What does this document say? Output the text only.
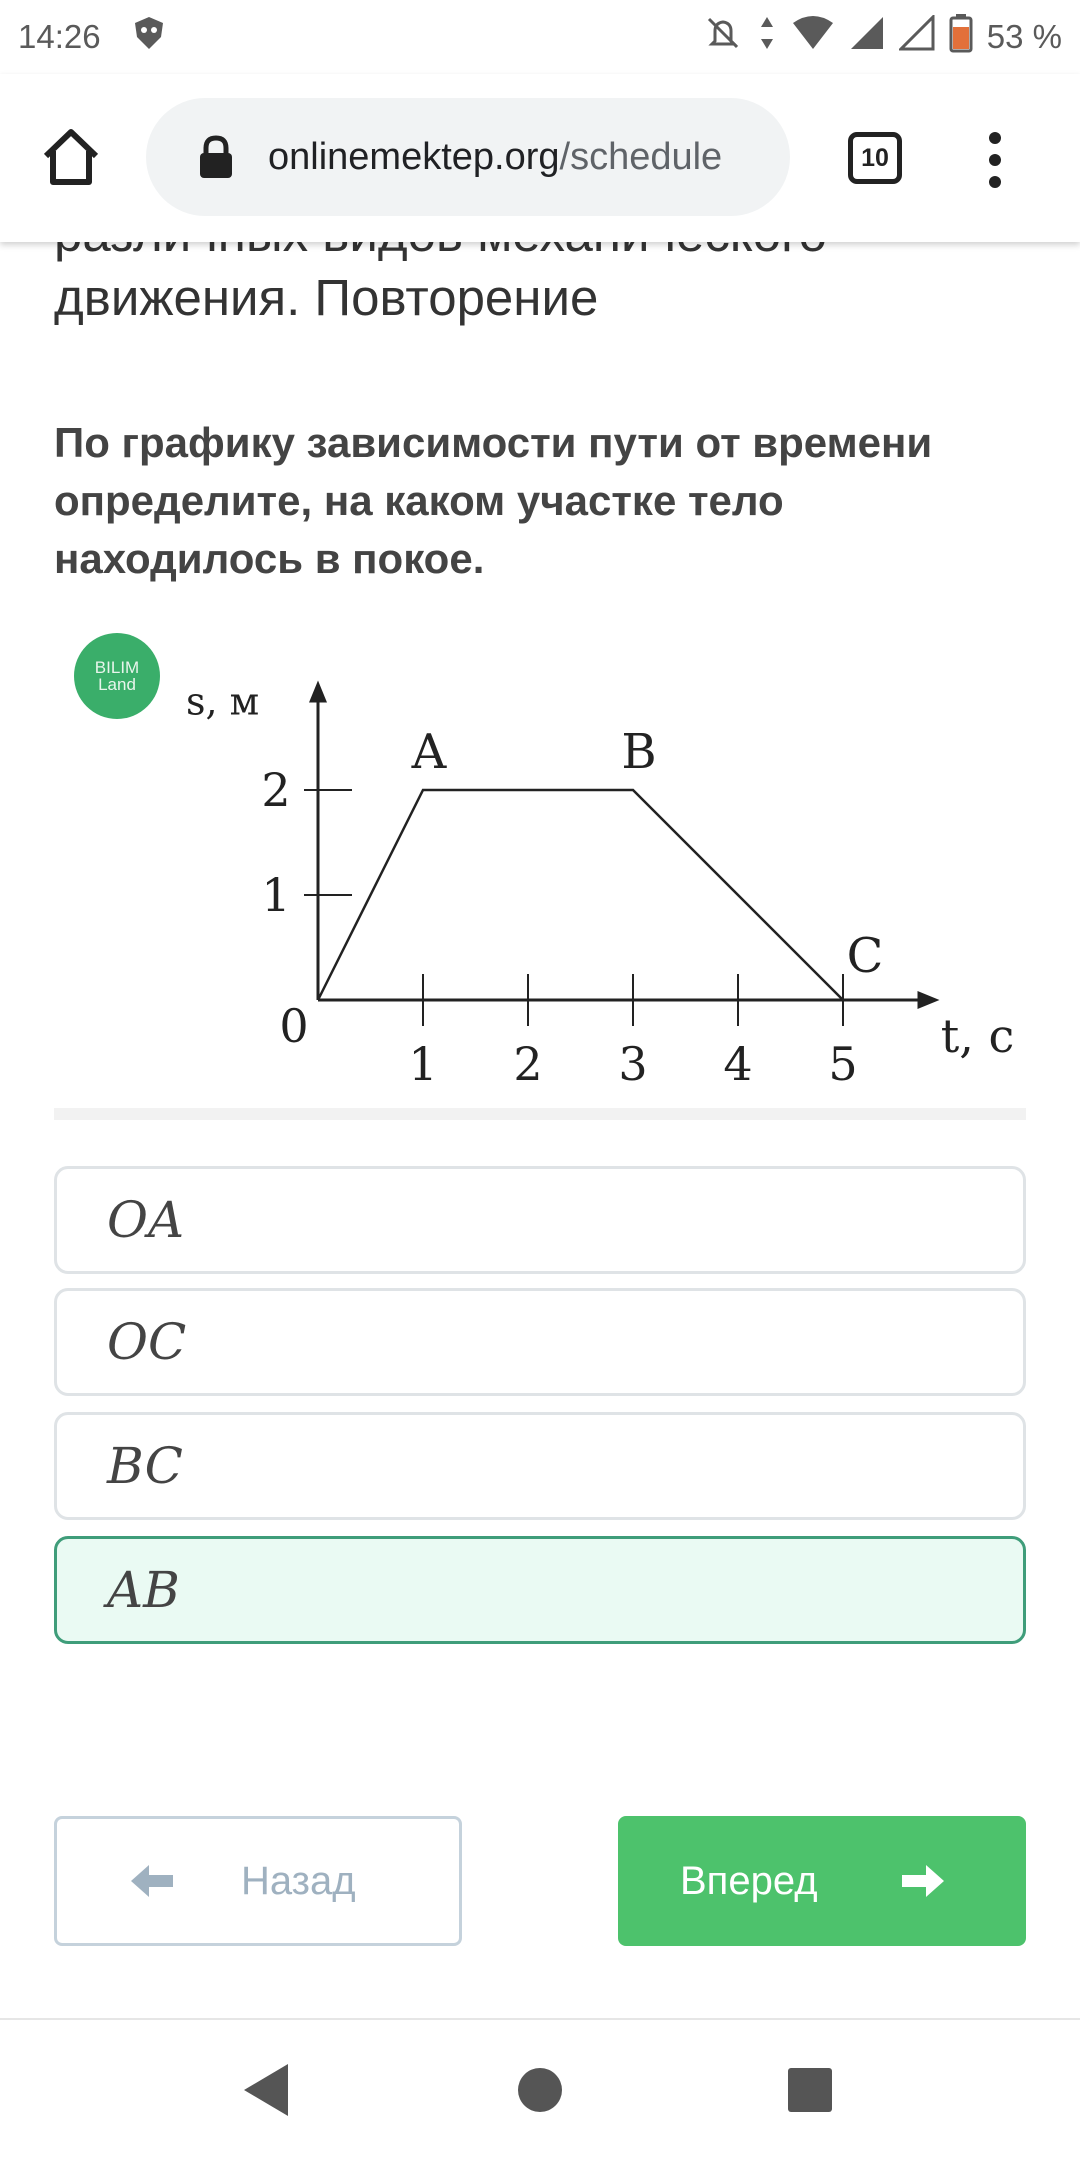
14:26	53 %
onlinemektep.org/schedule	10
движения. Повторение
По графику зависимости пути от времени определите, на каком участке тело находилось в покое.
1 2 3 4 5
1
2
0
s, м
t, с
A	B
C
BILIM
Land
OA
OC
BC
AB
Назад	Вперед
